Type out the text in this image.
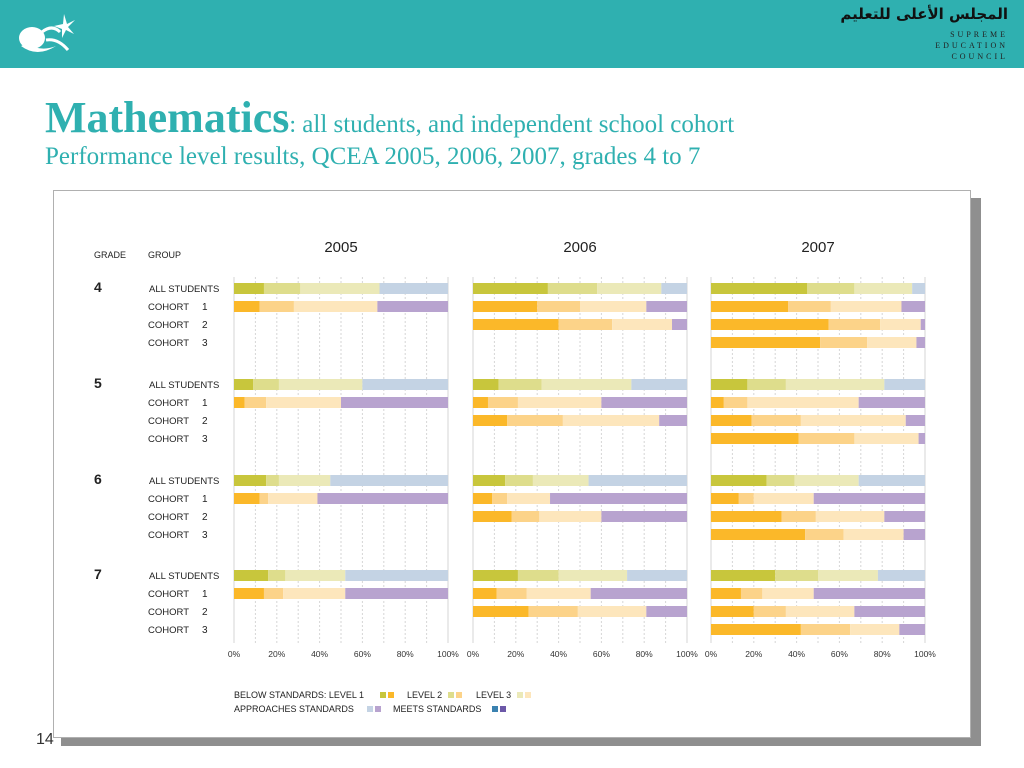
المجلس الأعلى للتعليم
SUPREME
EDUCATION
COUNCIL
Mathematics: all students, and independent school cohort
Performance level results, QCEA 2005, 2006, 2007, grades 4 to 7
GRADE GROUP	2005	2006	2007
0%	20%	40%	60%	80%	100% 0%	20%	40%	60%	80%	100% 0%	20%	40%	60%	80%	100%
4	ALL STUDENTS
COHORT 1
COHORT 2
COHORT 3
5	ALL STUDENTS
COHORT 1
COHORT 2
COHORT 3
6	ALL STUDENTS
COHORT 1
COHORT 2
COHORT 3
7	ALL STUDENTS
COHORT 1
COHORT 2
COHORT 3
BELOW STANDARDS: LEVEL 1	LEVEL 2	LEVEL 3
APPROACHES STANDARDS	MEETS STANDARDS
14
